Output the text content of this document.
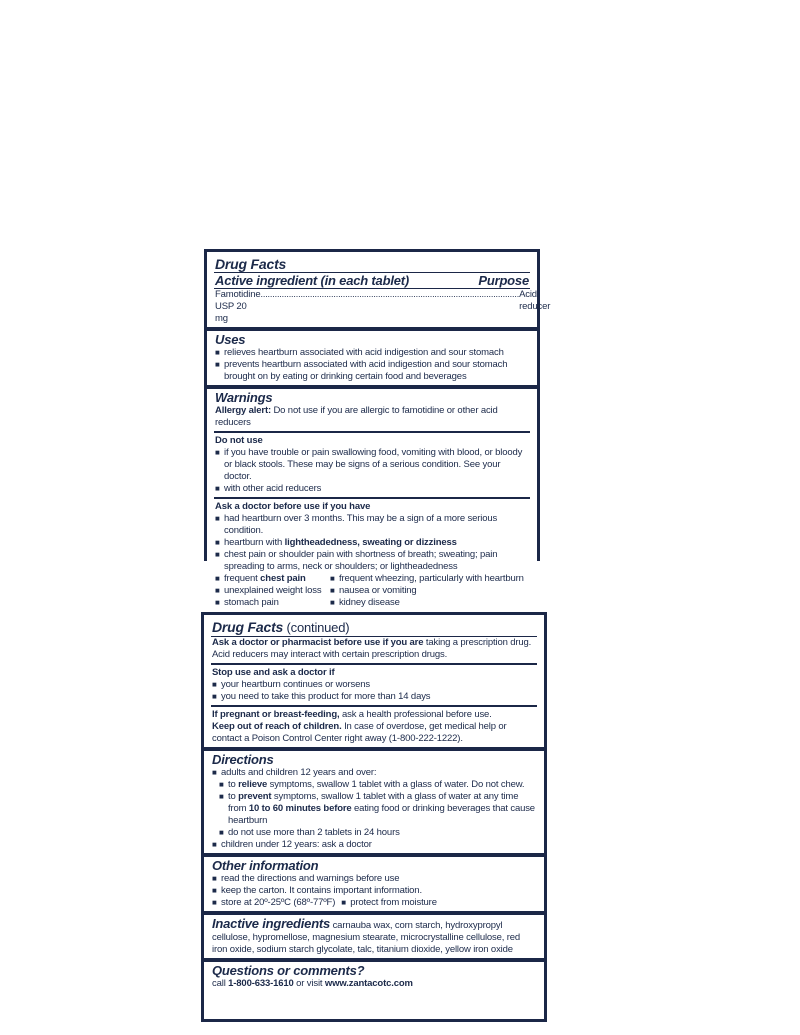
Drug Facts
Active ingredient (in each tablet)	Purpose
Famotidine USP 20 mg
.............................................................................................................. Acid reducer
Uses
■ relieves heartburn associated with acid indigestion and sour stomach
■ prevents heartburn associated with acid indigestion and sour stomach brought on by eating or drinking certain food and beverages
Warnings
Allergy alert: Do not use if you are allergic to famotidine or other acid reducers
Do not use
■ if you have trouble or pain swallowing food, vomiting with blood, or bloody or black stools. These may be signs of a serious condition. See your doctor.
■ with other acid reducers
Ask a doctor before use if you have
■ had heartburn over 3 months. This may be a sign of a more serious condition.
■ heartburn with lightheadedness, sweating or dizziness
■ chest pain or shoulder pain with shortness of breath; sweating; pain spreading to arms, neck or shoulders; or lightheadedness
■ frequent chest pain
■ unexplained weight loss
■ stomach pain
■ frequent wheezing, particularly with heartburn
■ nausea or vomiting
■ kidney disease
Drug Facts (continued)
Ask a doctor or pharmacist before use if you are taking a prescription drug. Acid reducers may interact with certain prescription drugs.
Stop use and ask a doctor if
■ your heartburn continues or worsens
■ you need to take this product for more than 14 days
If pregnant or breast-feeding, ask a health professional before use.
Keep out of reach of children. In case of overdose, get medical help or contact a Poison Control Center right away (1-800-222-1222).
Directions
■ adults and children 12 years and over:
■ to relieve symptoms, swallow 1 tablet with a glass of water. Do not chew.
■ to prevent symptoms, swallow 1 tablet with a glass of water at any time from 10 to 60 minutes before eating food or drinking beverages that cause heartburn
■ do not use more than 2 tablets in 24 hours
■ children under 12 years: ask a doctor
Other information
■ read the directions and warnings before use
■ keep the carton. It contains important information.
■ store at 20º-25ºC (68º-77ºF) ■ protect from moisture
Inactive ingredients carnauba wax, corn starch, hydroxypropyl cellulose, hypromellose, magnesium stearate, microcrystalline cellulose, red iron oxide, sodium starch glycolate, talc, titanium dioxide, yellow iron oxide
Questions or comments?
call 1-800-633-1610 or visit www.zantacotc.com
